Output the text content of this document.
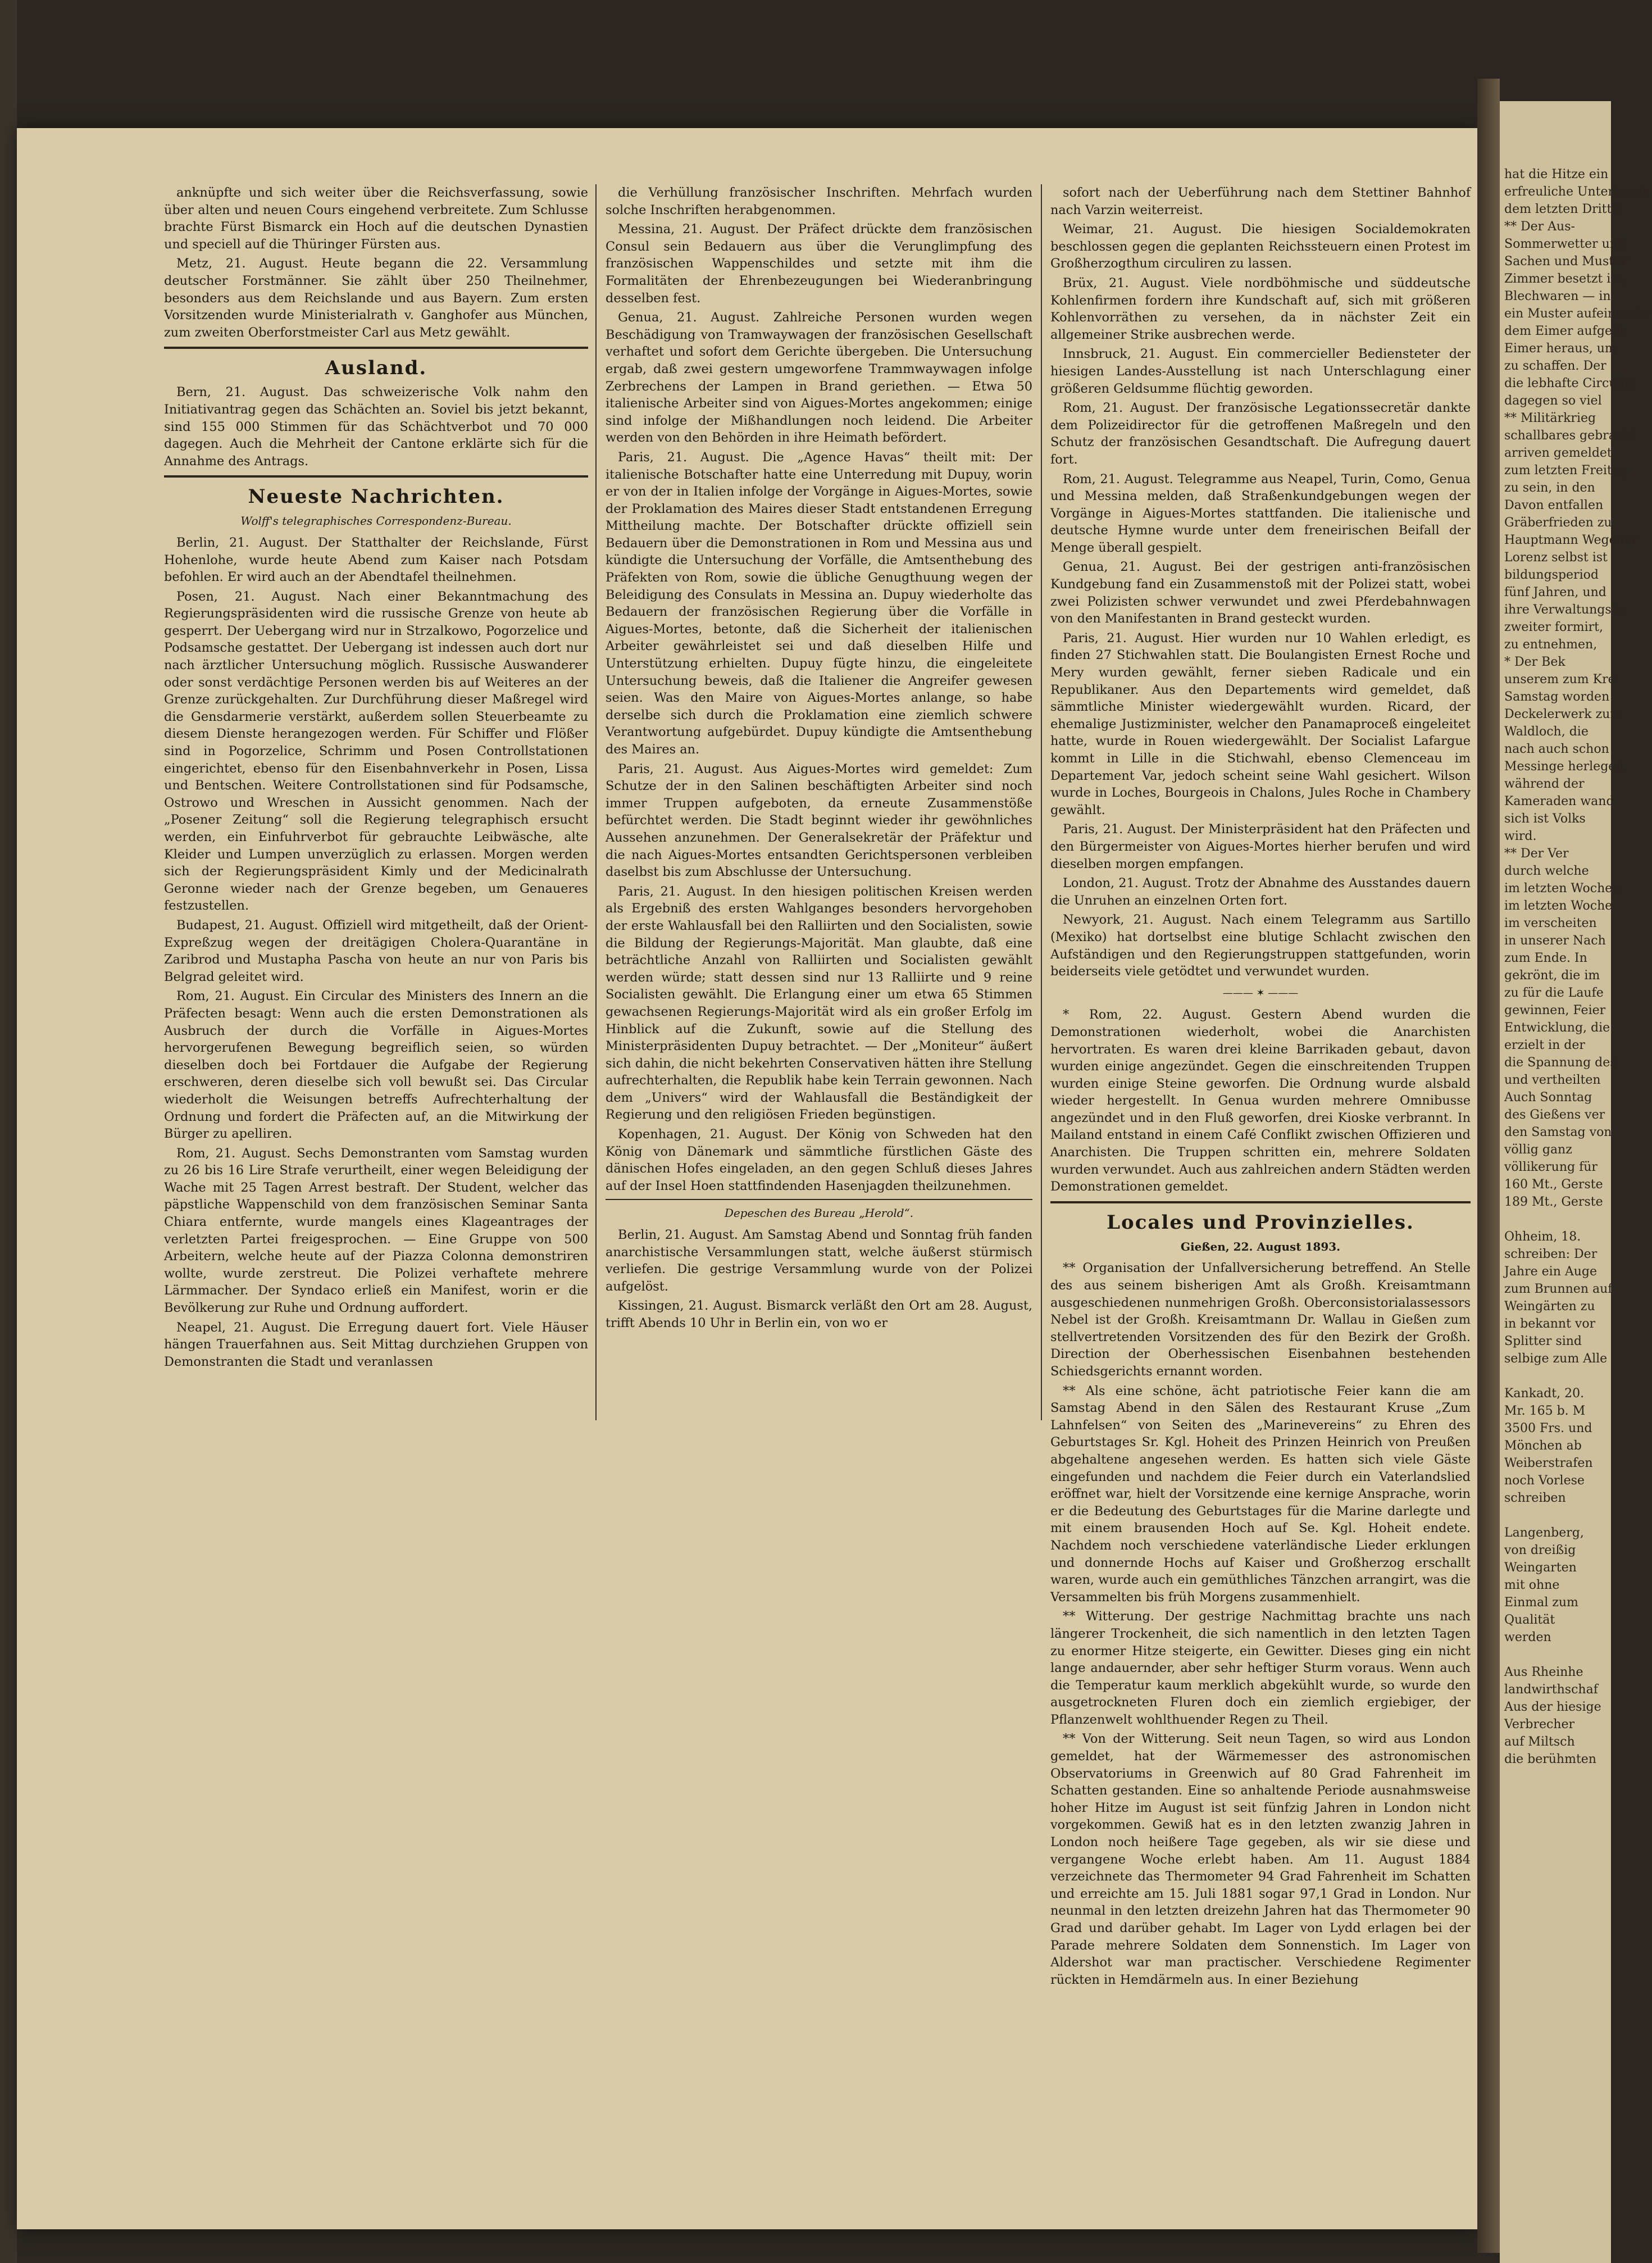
anknüpfte und sich weiter über die Reichsverfassung, sowie über alten und neuen Cours eingehend verbreitete. Zum Schlusse brachte Fürst Bismarck ein Hoch auf die deutschen Dynastien und speciell auf die Thüringer Fürsten aus.

Metz, 21. August. Heute begann die 22. Versammlung deutscher Forstmänner. Sie zählt über 250 Theilnehmer, besonders aus dem Reichslande und aus Bayern. Zum ersten Vorsitzenden wurde Ministerialrath v. Ganghofer aus München, zum zweiten Oberforstmeister Carl aus Metz gewählt.

Ausland.

Bern, 21. August. Das schweizerische Volk nahm den Initiativantrag gegen das Schächten an. Soviel bis jetzt bekannt, sind 155 000 Stimmen für das Schächtverbot und 70 000 dagegen. Auch die Mehrheit der Cantone erklärte sich für die Annahme des Antrags.

Neueste Nachrichten.
Wolff's telegraphisches Correspondenz-Bureau.

Berlin, 21. August. Der Statthalter der Reichslande, Fürst Hohenlohe, wurde heute Abend zum Kaiser nach Potsdam befohlen. Er wird auch an der Abendtafel theilnehmen.

Posen, 21. August. Nach einer Bekanntmachung des Regierungspräsidenten wird die russische Grenze von heute ab gesperrt. Der Uebergang wird nur in Strzalkowo, Pogorzelice und Podsamsche gestattet. Der Uebergang ist indessen auch dort nur nach ärztlicher Untersuchung möglich. Russische Auswanderer oder sonst verdächtige Personen werden bis auf Weiteres an der Grenze zurückgehalten. Zur Durchführung dieser Maßregel wird die Gensdarmerie verstärkt, außerdem sollen Steuerbeamte zu diesem Dienste herangezogen werden. Für Schiffer und Flößer sind in Pogorzelice, Schrimm und Posen Controllstationen eingerichtet, ebenso für den Eisenbahnverkehr in Posen, Lissa und Bentschen. Weitere Controllstationen sind für Podsamsche, Ostrowo und Wreschen in Aussicht genommen. Nach der „Posener Zeitung“ soll die Regierung telegraphisch ersucht werden, ein Einfuhrverbot für gebrauchte Leibwäsche, alte Kleider und Lumpen unverzüglich zu erlassen. Morgen werden sich der Regierungspräsident Kimly und der Medicinalrath Geronne wieder nach der Grenze begeben, um Genaueres festzustellen.

Budapest, 21. August. Offiziell wird mitgetheilt, daß der Orient-Expreßzug wegen der dreitägigen Cholera-Quarantäne in Zaribrod und Mustapha Pascha von heute an nur von Paris bis Belgrad geleitet wird.

Rom, 21. August. Ein Circular des Ministers des Innern an die Präfecten besagt: Wenn auch die ersten Demonstrationen als Ausbruch der durch die Vorfälle in Aigues-Mortes hervorgerufenen Bewegung begreiflich seien, so würden dieselben doch bei Fortdauer die Aufgabe der Regierung erschweren, deren dieselbe sich voll bewußt sei. Das Circular wiederholt die Weisungen betreffs Aufrechterhaltung der Ordnung und fordert die Präfecten auf, an die Mitwirkung der Bürger zu apelliren.

Rom, 21. August. Sechs Demonstranten vom Samstag wurden zu 26 bis 16 Lire Strafe verurtheilt, einer wegen Beleidigung der Wache mit 25 Tagen Arrest bestraft. Der Student, welcher das päpstliche Wappenschild von dem französischen Seminar Santa Chiara entfernte, wurde mangels eines Klageantrages der verletzten Partei freigesprochen. — Eine Gruppe von 500 Arbeitern, welche heute auf der Piazza Colonna demonstriren wollte, wurde zerstreut. Die Polizei verhaftete mehrere Lärmmacher. Der Syndaco erließ ein Manifest, worin er die Bevölkerung zur Ruhe und Ordnung auffordert.

Neapel, 21. August. Die Erregung dauert fort. Viele Häuser hängen Trauerfahnen aus. Seit Mittag durchziehen Gruppen von Demonstranten die Stadt und veranlassen

die Verhüllung französischer Inschriften. Mehrfach wurden solche Inschriften herabgenommen.

Messina, 21. August. Der Präfect drückte dem französischen Consul sein Bedauern aus über die Verunglimpfung des französischen Wappenschildes und setzte mit ihm die Formalitäten der Ehrenbezeugungen bei Wiederanbringung desselben fest.

Genua, 21. August. Zahlreiche Personen wurden wegen Beschädigung von Tramwaywagen der französischen Gesellschaft verhaftet und sofort dem Gerichte übergeben. Die Untersuchung ergab, daß zwei gestern umgeworfene Trammwaywagen infolge Zerbrechens der Lampen in Brand geriethen. — Etwa 50 italienische Arbeiter sind von Aigues-Mortes angekommen; einige sind infolge der Mißhandlungen noch leidend. Die Arbeiter werden von den Behörden in ihre Heimath befördert.

Paris, 21. August. Die „Agence Havas“ theilt mit: Der italienische Botschafter hatte eine Unterredung mit Dupuy, worin er von der in Italien infolge der Vorgänge in Aigues-Mortes, sowie der Proklamation des Maires dieser Stadt entstandenen Erregung Mittheilung machte. Der Botschafter drückte offiziell sein Bedauern über die Demonstrationen in Rom und Messina aus und kündigte die Untersuchung der Vorfälle, die Amtsenthebung des Präfekten von Rom, sowie die übliche Genugthuung wegen der Beleidigung des Consulats in Messina an. Dupuy wiederholte das Bedauern der französischen Regierung über die Vorfälle in Aigues-Mortes, betonte, daß die Sicherheit der italienischen Arbeiter gewährleistet sei und daß dieselben Hilfe und Unterstützung erhielten. Dupuy fügte hinzu, die eingeleitete Untersuchung beweis, daß die Italiener die Angreifer gewesen seien. Was den Maire von Aigues-Mortes anlange, so habe derselbe sich durch die Proklamation eine ziemlich schwere Verantwortung aufgebürdet. Dupuy kündigte die Amtsenthebung des Maires an.

Paris, 21. August. Aus Aigues-Mortes wird gemeldet: Zum Schutze der in den Salinen beschäftigten Arbeiter sind noch immer Truppen aufgeboten, da erneute Zusammenstöße befürchtet werden. Die Stadt beginnt wieder ihr gewöhnliches Aussehen anzunehmen. Der Generalsekretär der Präfektur und die nach Aigues-Mortes entsandten Gerichtspersonen verbleiben daselbst bis zum Abschlusse der Untersuchung.

Paris, 21. August. In den hiesigen politischen Kreisen werden als Ergebniß des ersten Wahlganges besonders hervorgehoben der erste Wahlausfall bei den Ralliirten und den Socialisten, sowie die Bildung der Regierungs-Majorität. Man glaubte, daß eine beträchtliche Anzahl von Ralliirten und Socialisten gewählt werden würde; statt dessen sind nur 13 Ralliirte und 9 reine Socialisten gewählt. Die Erlangung einer um etwa 65 Stimmen gewachsenen Regierungs-Majorität wird als ein großer Erfolg im Hinblick auf die Zukunft, sowie auf die Stellung des Ministerpräsidenten Dupuy betrachtet. — Der „Moniteur“ äußert sich dahin, die nicht bekehrten Conservativen hätten ihre Stellung aufrechterhalten, die Republik habe kein Terrain gewonnen. Nach dem „Univers“ wird der Wahlausfall die Beständigkeit der Regierung und den religiösen Frieden begünstigen.

Kopenhagen, 21. August. Der König von Schweden hat den König von Dänemark und sämmtliche fürstlichen Gäste des dänischen Hofes eingeladen, an den gegen Schluß dieses Jahres auf der Insel Hoen stattfindenden Hasenjagden theilzunehmen.

Depeschen des Bureau „Herold“.

Berlin, 21. August. Am Samstag Abend und Sonntag früh fanden anarchistische Versammlungen statt, welche äußerst stürmisch verliefen. Die gestrige Versammlung wurde von der Polizei aufgelöst.

Kissingen, 21. August. Bismarck verläßt den Ort am 28. August, trifft Abends 10 Uhr in Berlin ein, von wo er

sofort nach der Ueberführung nach dem Stettiner Bahnhof nach Varzin weiterreist.

Weimar, 21. August. Die hiesigen Socialdemokraten beschlossen gegen die geplanten Reichssteuern einen Protest im Großherzogthum circuliren zu lassen.

Brüx, 21. August. Viele nordböhmische und süddeutsche Kohlenfirmen fordern ihre Kundschaft auf, sich mit größeren Kohlenvorräthen zu versehen, da in nächster Zeit ein allgemeiner Strike ausbrechen werde.

Innsbruck, 21. August. Ein commercieller Bediensteter der hiesigen Landes-Ausstellung ist nach Unterschlagung einer größeren Geldsumme flüchtig geworden.

Rom, 21. August. Der französische Legationssecretär dankte dem Polizeidirector für die getroffenen Maßregeln und den Schutz der französischen Gesandtschaft. Die Aufregung dauert fort.

Rom, 21. August. Telegramme aus Neapel, Turin, Como, Genua und Messina melden, daß Straßenkundgebungen wegen der Vorgänge in Aigues-Mortes stattfanden. Die italienische und deutsche Hymne wurde unter dem freneirischen Beifall der Menge überall gespielt.

Genua, 21. August. Bei der gestrigen anti-französischen Kundgebung fand ein Zusammenstoß mit der Polizei statt, wobei zwei Polizisten schwer verwundet und zwei Pferdebahnwagen von den Manifestanten in Brand gesteckt wurden.

Paris, 21. August. Hier wurden nur 10 Wahlen erledigt, es finden 27 Stichwahlen statt. Die Boulangisten Ernest Roche und Mery wurden gewählt, ferner sieben Radicale und ein Republikaner. Aus den Departements wird gemeldet, daß sämmtliche Minister wiedergewählt wurden. Ricard, der ehemalige Justizminister, welcher den Panamaproceß eingeleitet hatte, wurde in Rouen wiedergewählt. Der Socialist Lafargue kommt in Lille in die Stichwahl, ebenso Clemenceau im Departement Var, jedoch scheint seine Wahl gesichert. Wilson wurde in Loches, Bourgeois in Chalons, Jules Roche in Chambery gewählt.

Paris, 21. August. Der Ministerpräsident hat den Präfecten und den Bürgermeister von Aigues-Mortes hierher berufen und wird dieselben morgen empfangen.

London, 21. August. Trotz der Abnahme des Ausstandes dauern die Unruhen an einzelnen Orten fort.

Newyork, 21. August. Nach einem Telegramm aus Sartillo (Mexiko) hat dortselbst eine blutige Schlacht zwischen den Aufständigen und den Regierungstruppen stattgefunden, worin beiderseits viele getödtet und verwundet wurden.

——— ✶ ———

* Rom, 22. August. Gestern Abend wurden die Demonstrationen wiederholt, wobei die Anarchisten hervortraten. Es waren drei kleine Barrikaden gebaut, davon wurden einige angezündet. Gegen die einschreitenden Truppen wurden einige Steine geworfen. Die Ordnung wurde alsbald wieder hergestellt. In Genua wurden mehrere Omnibusse angezündet und in den Fluß geworfen, drei Kioske verbrannt. In Mailand entstand in einem Café Conflikt zwischen Offizieren und Anarchisten. Die Truppen schritten ein, mehrere Soldaten wurden verwundet. Auch aus zahlreichen andern Städten werden Demonstrationen gemeldet.

Locales und Provinzielles.
Gießen, 22. August 1893.

** Organisation der Unfallversicherung betreffend. An Stelle des aus seinem bisherigen Amt als Großh. Kreisamtmann ausgeschiedenen nunmehrigen Großh. Oberconsistorialassessors Nebel ist der Großh. Kreisamtmann Dr. Wallau in Gießen zum stellvertretenden Vorsitzenden des für den Bezirk der Großh. Direction der Oberhessischen Eisenbahnen bestehenden Schiedsgerichts ernannt worden.

** Als eine schöne, ächt patriotische Feier kann die am Samstag Abend in den Sälen des Restaurant Kruse „Zum Lahnfelsen“ von Seiten des „Marinevereins“ zu Ehren des Geburtstages Sr. Kgl. Hoheit des Prinzen Heinrich von Preußen abgehaltene angesehen werden. Es hatten sich viele Gäste eingefunden und nachdem die Feier durch ein Vaterlandslied eröffnet war, hielt der Vorsitzende eine kernige Ansprache, worin er die Bedeutung des Geburtstages für die Marine darlegte und mit einem brausenden Hoch auf Se. Kgl. Hoheit endete. Nachdem noch verschiedene vaterländische Lieder erklungen und donnernde Hochs auf Kaiser und Großherzog erschallt waren, wurde auch ein gemüthliches Tänzchen arrangirt, was die Versammelten bis früh Morgens zusammenhielt.

** Witterung. Der gestrige Nachmittag brachte uns nach längerer Trockenheit, die sich namentlich in den letzten Tagen zu enormer Hitze steigerte, ein Gewitter. Dieses ging ein nicht lange andauernder, aber sehr heftiger Sturm voraus. Wenn auch die Temperatur kaum merklich abgekühlt wurde, so wurde den ausgetrockneten Fluren doch ein ziemlich ergiebiger, der Pflanzenwelt wohlthuender Regen zu Theil.

** Von der Witterung. Seit neun Tagen, so wird aus London gemeldet, hat der Wärmemesser des astronomischen Observatoriums in Greenwich auf 80 Grad Fahrenheit im Schatten gestanden. Eine so anhaltende Periode ausnahmsweise hoher Hitze im August ist seit fünfzig Jahren in London nicht vorgekommen. Gewiß hat es in den letzten zwanzig Jahren in London noch heißere Tage gegeben, als wir sie diese und vergangene Woche erlebt haben. Am 11. August 1884 verzeichnete das Thermometer 94 Grad Fahrenheit im Schatten und erreichte am 15. Juli 1881 sogar 97,1 Grad in London. Nur neunmal in den letzten dreizehn Jahren hat das Thermometer 90 Grad und darüber gehabt. Im Lager von Lydd erlagen bei der Parade mehrere Soldaten dem Sonnenstich. Im Lager von Aldershot war man practischer. Verschiedene Regimenter rückten in Hemdärmeln aus. In einer Beziehung

hat die Hitze ein
erfreuliche Unterbrech
dem letzten Drittel
** Der Aus-
Sommerwetter und
Sachen und Muster
Zimmer besetzt ist,
Blechwaren — in
ein Muster aufeinander
dem Eimer aufgeht
Eimer heraus, um
zu schaffen. Der
die lebhafte Circulat
dagegen so viel
** Militärkrieg
schallbares gebracht
arriven gemeldet
zum letzten Freitag
zu sein, in den
Davon entfallen
Gräberfrieden zu
Hauptmann Wegener
Lorenz selbst ist
bildungsperiod
fünf Jahren, und
ihre Verwaltungsbe
zweiter formirt,
zu entnehmen,
* Der Bek
unserem zum Kre
Samstag worden
Deckelerwerk zum
Waldloch, die
nach auch schon
Messinge herlegen
während der
Kameraden wand
sich ist Volks
wird.
** Der Ver
durch welche
im letzten Wochen
im letzten Woche
im verscheiten
in unserer Nach
zum Ende. In
gekrönt, die im
zu für die Laufe
gewinnen, Feier
Entwicklung, die
erzielt in der
die Spannung des
und vertheilten
Auch Sonntag
des Gießens ver
den Samstag von
völlig ganz
völlikerung für
160 Mt., Gerste
189 Mt., Gerste

Ohheim, 18.
schreiben: Der
Jahre ein Auge
zum Brunnen auf
Weingärten zu
in bekannt vor
Splitter sind
selbige zum Alle

Kankadt, 20.
Mr. 165 b. M
3500 Frs. und
Mönchen ab
Weiberstrafen
noch Vorlese
schreiben

Langenberg,
von dreißig
Weingarten
mit ohne
Einmal zum
Qualität
werden

Aus Rheinhe
landwirthschaf
Aus der hiesige
Verbrecher
auf Miltsch
die berühmten
